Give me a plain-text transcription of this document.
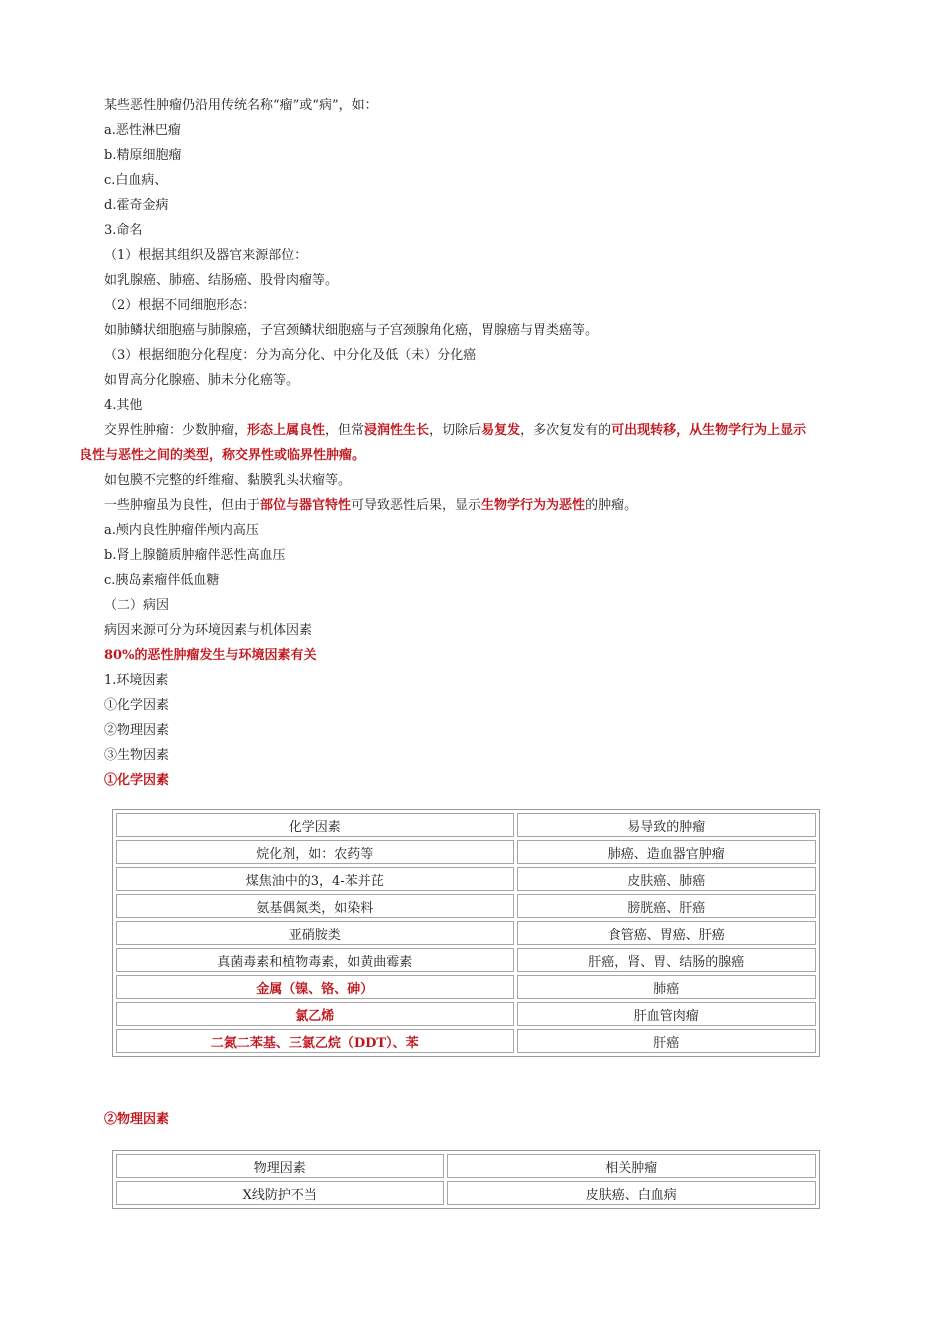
某些恶性肿瘤仍沿用传统名称“瘤”或“病”，如：
a.恶性淋巴瘤
b.精原细胞瘤
c.白血病、
d.霍奇金病
3.命名
（1）根据其组织及器官来源部位：
如乳腺癌、肺癌、结肠癌、股骨肉瘤等。
（2）根据不同细胞形态：
如肺鳞状细胞癌与肺腺癌，子宫颈鳞状细胞癌与子宫颈腺角化癌，胃腺癌与胃类癌等。
（3）根据细胞分化程度：分为高分化、中分化及低（未）分化癌
如胃高分化腺癌、肺未分化癌等。
4.其他
交界性肿瘤：少数肿瘤，形态上属良性，但常浸润性生长，切除后易复发，多次复发有的可出现转移，从生物学行为上显示
良性与恶性之间的类型，称交界性或临界性肿瘤。
如包膜不完整的纤维瘤、黏膜乳头状瘤等。
一些肿瘤虽为良性，但由于部位与器官特性可导致恶性后果，显示生物学行为为恶性的肿瘤。
a.颅内良性肿瘤伴颅内高压
b.肾上腺髓质肿瘤伴恶性高血压
c.胰岛素瘤伴低血糖
（二）病因
病因来源可分为环境因素与机体因素
80%的恶性肿瘤发生与环境因素有关
1.环境因素
①化学因素
②物理因素
③生物因素
①化学因素
化学因素	易导致的肿瘤
烷化剂，如：农药等	肺癌、造血器官肿瘤
煤焦油中的3，4-苯并芘	皮肤癌、肺癌
氨基偶氮类，如染料	膀胱癌、肝癌
亚硝胺类	食管癌、胃癌、肝癌
真菌毒素和植物毒素，如黄曲霉素	肝癌，肾、胃、结肠的腺癌
金属（镍、铬、砷）	肺癌
氯乙烯	肝血管肉瘤
二氮二苯基、三氯乙烷（DDT）、苯	肝癌
②物理因素
物理因素	相关肿瘤
X线防护不当	皮肤癌、白血病
